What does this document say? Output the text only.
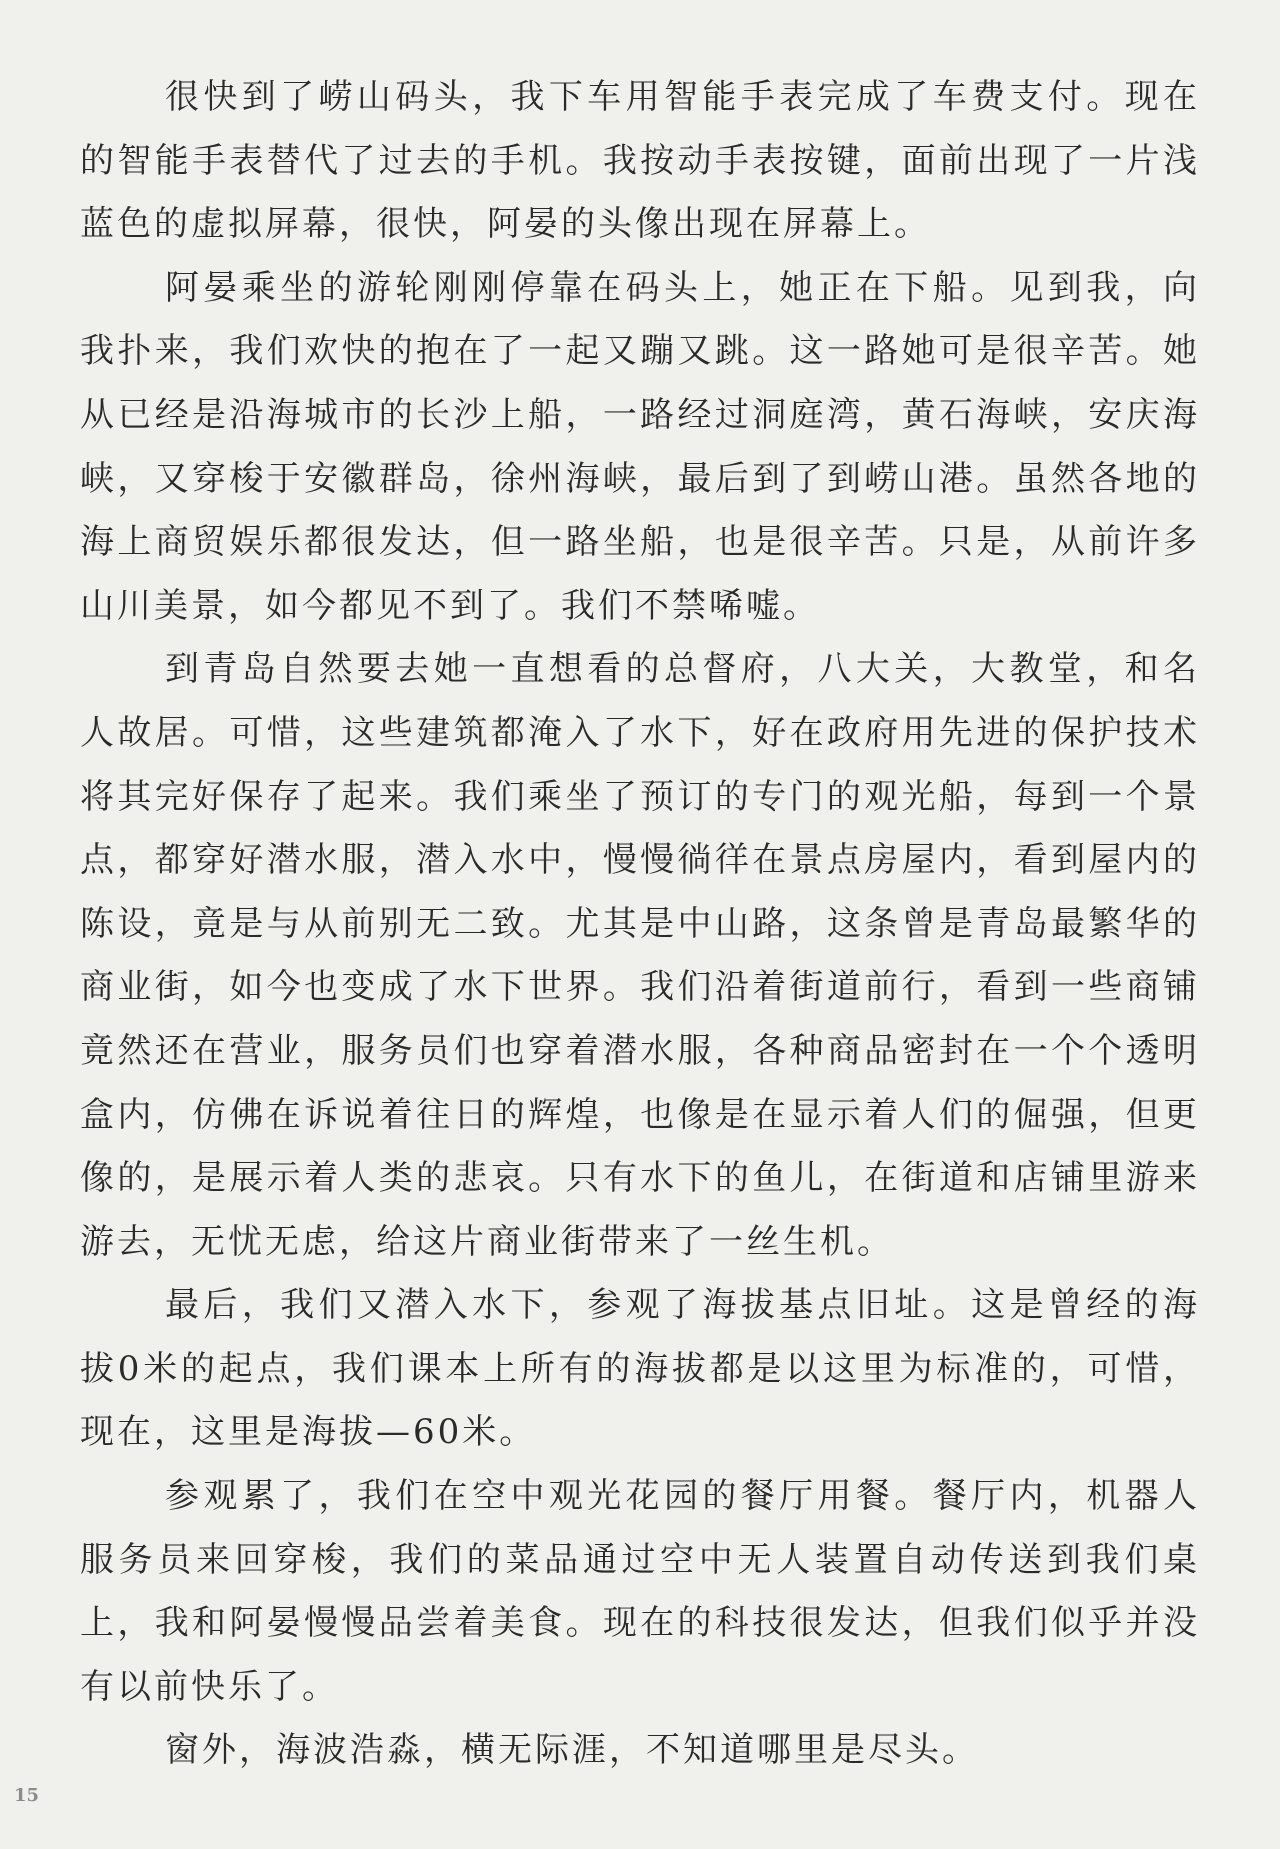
很快到了崂山码头，我下车用智能手表完成了车费支付。现在的智能手表替代了过去的手机。我按动手表按键，面前出现了一片浅蓝色的虚拟屏幕，很快，阿晏的头像出现在屏幕上。

阿晏乘坐的游轮刚刚停靠在码头上，她正在下船。见到我，向我扑来，我们欢快的抱在了一起又蹦又跳。这一路她可是很辛苦。她从已经是沿海城市的长沙上船，一路经过洞庭湾，黄石海峡，安庆海峡，又穿梭于安徽群岛，徐州海峡，最后到了到崂山港。虽然各地的海上商贸娱乐都很发达，但一路坐船，也是很辛苦。只是，从前许多山川美景，如今都见不到了。我们不禁唏嘘。

到青岛自然要去她一直想看的总督府，八大关，大教堂，和名人故居。可惜，这些建筑都淹入了水下，好在政府用先进的保护技术将其完好保存了起来。我们乘坐了预订的专门的观光船，每到一个景点，都穿好潜水服，潜入水中，慢慢徜徉在景点房屋内，看到屋内的陈设，竟是与从前别无二致。尤其是中山路，这条曾是青岛最繁华的商业街，如今也变成了水下世界。我们沿着街道前行，看到一些商铺竟然还在营业，服务员们也穿着潜水服，各种商品密封在一个个透明盒内，仿佛在诉说着往日的辉煌，也像是在显示着人们的倔强，但更像的，是展示着人类的悲哀。只有水下的鱼儿，在街道和店铺里游来游去，无忧无虑，给这片商业街带来了一丝生机。

最后，我们又潜入水下，参观了海拔基点旧址。这是曾经的海拔0米的起点，我们课本上所有的海拔都是以这里为标准的，可惜，现在，这里是海拔—60米。

参观累了，我们在空中观光花园的餐厅用餐。餐厅内，机器人服务员来回穿梭，我们的菜品通过空中无人装置自动传送到我们桌上，我和阿晏慢慢品尝着美食。现在的科技很发达，但我们似乎并没有以前快乐了。

窗外，海波浩淼，横无际涯，不知道哪里是尽头。

15
